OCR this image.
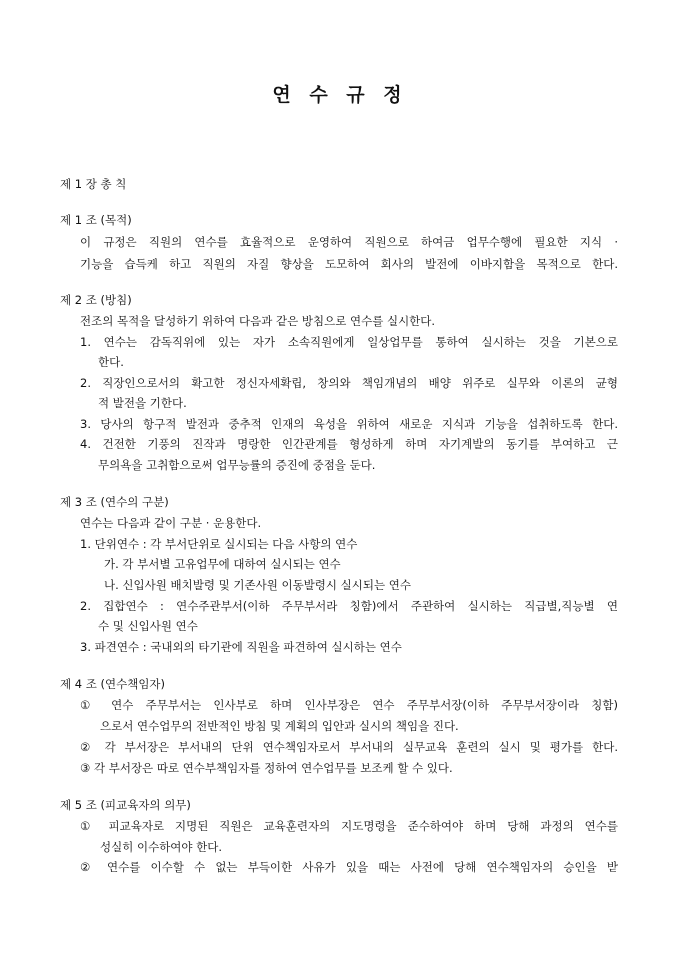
연 수 규 정
제 1 장 총 칙
제 1 조 (목적)
이 규정은 직원의 연수를 효율적으로 운영하여 직원으로 하여금 업무수행에 필요한 지식 ·
기능을 습득케 하고 직원의 자질 향상을 도모하여 회사의 발전에 이바지함을 목적으로 한다.
제 2 조 (방침)
전조의 목적을 달성하기 위하여 다음과 같은 방침으로 연수를 실시한다.
1. 연수는 감독직위에 있는 자가 소속직원에게 일상업무를 통하여 실시하는 것을 기본으로
한다.
2. 직장인으로서의 확고한 정신자세확립, 창의와 책임개념의 배양 위주로 실무와 이론의 균형
적 발전을 기한다.
3. 당사의 항구적 발전과 중추적 인재의 육성을 위하여 새로운 지식과 기능을 섭취하도록 한다.
4. 건전한 기풍의 진작과 명랑한 인간관계를 형성하게 하며 자기계발의 동기를 부여하고 근
무의욕을 고취함으로써 업무능률의 증진에 중점을 둔다.
제 3 조 (연수의 구분)
연수는 다음과 같이 구분 · 운용한다.
1. 단위연수 : 각 부서단위로 실시되는 다음 사항의 연수
가. 각 부서별 고유업무에 대하여 실시되는 연수
나. 신입사원 배치발령 및 기존사원 이동발령시 실시되는 연수
2. 집합연수 : 연수주관부서(이하 주무부서라 칭함)에서 주관하여 실시하는 직급별,직능별 연
수 및 신입사원 연수
3. 파견연수 : 국내외의 타기관에 직원을 파견하여 실시하는 연수
제 4 조 (연수책임자)
① 연수 주무부서는 인사부로 하며 인사부장은 연수 주무부서장(이하 주무부서장이라 칭함)
으로서 연수업무의 전반적인 방침 및 계획의 입안과 실시의 책임을 진다.
② 각 부서장은 부서내의 단위 연수책임자로서 부서내의 실무교육 훈련의 실시 및 평가를 한다.
③ 각 부서장은 따로 연수부책임자를 정하여 연수업무를 보조케 할 수 있다.
제 5 조 (피교육자의 의무)
① 피교육자로 지명된 직원은 교육훈련자의 지도명령을 준수하여야 하며 당해 과정의 연수를
성실히 이수하여야 한다.
② 연수를 이수할 수 없는 부득이한 사유가 있을 때는 사전에 당해 연수책임자의 승인을 받
